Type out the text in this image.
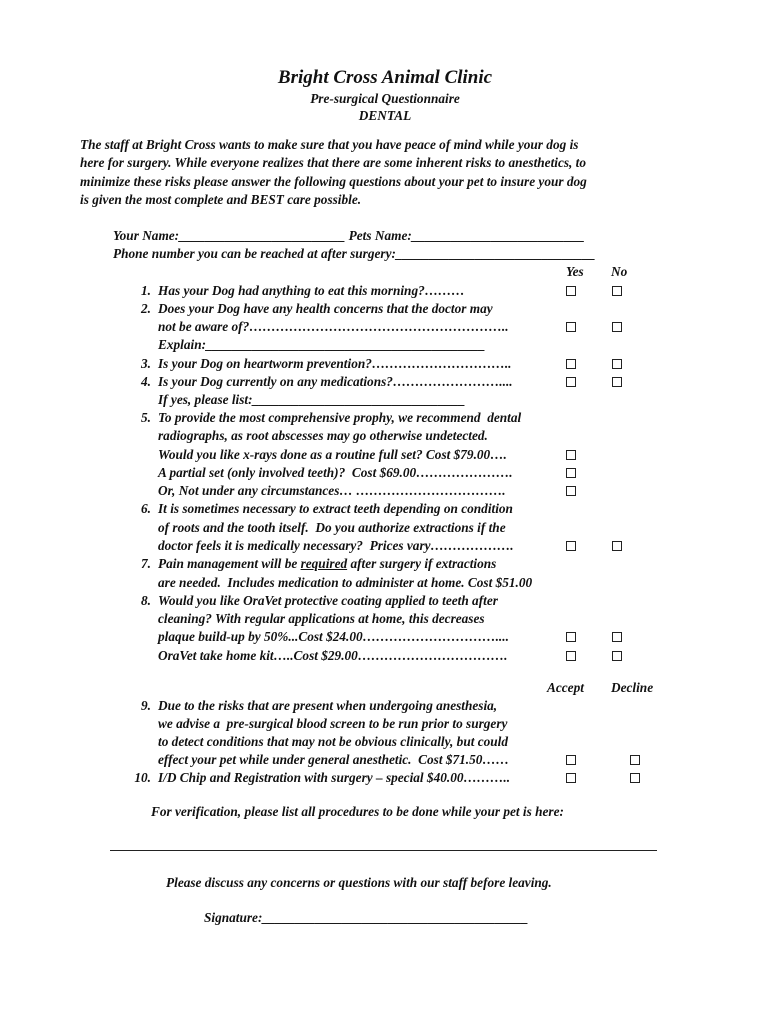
Bright Cross Animal Clinic
Pre-surgical Questionnaire
DENTAL
The staff at Bright Cross wants to make sure that you have peace of mind while your dog is
here for surgery. While everyone realizes that there are some inherent risks to anesthetics, to
minimize these risks please answer the following questions about your pet to insure your dog
is given the most complete and BEST care possible.
Your Name:_________________________ Pets Name:__________________________
Phone number you can be reached at after surgery:______________________________
Yes No
1. Has your Dog had anything to eat this morning?………
2. Does your Dog have any health concerns that the doctor may
not be aware of?…………………………………………………..
Explain:__________________________________________
3. Is your Dog on heartworm prevention?…………………………..
4. Is your Dog currently on any medications?……………………....
If yes, please list:________________________________
5. To provide the most comprehensive prophy, we recommend  dental
radiographs, as root abscesses may go otherwise undetected.
Would you like x-rays done as a routine full set? Cost $79.00….
A partial set (only involved teeth)?  Cost $69.00………………….
Or, Not under any circumstances… …………………………….
6. It is sometimes necessary to extract teeth depending on condition
of roots and the tooth itself.  Do you authorize extractions if the
doctor feels it is medically necessary?  Prices vary……………….
7. Pain management will be required after surgery if extractions
are needed.  Includes medication to administer at home. Cost $51.00
8. Would you like OraVet protective coating applied to teeth after
cleaning? With regular applications at home, this decreases
plaque build-up by 50%...Cost $24.00…………………………....
OraVet take home kit…..Cost $29.00…………………………….
Accept Decline
9. Due to the risks that are present when undergoing anesthesia,
we advise a  pre-surgical blood screen to be run prior to surgery
to detect conditions that may not be obvious clinically, but could
effect your pet while under general anesthetic.  Cost $71.50……
10. I/D Chip and Registration with surgery – special $40.00………..
For verification, please list all procedures to be done while your pet is here:
Please discuss any concerns or questions with our staff before leaving.
Signature:________________________________________
